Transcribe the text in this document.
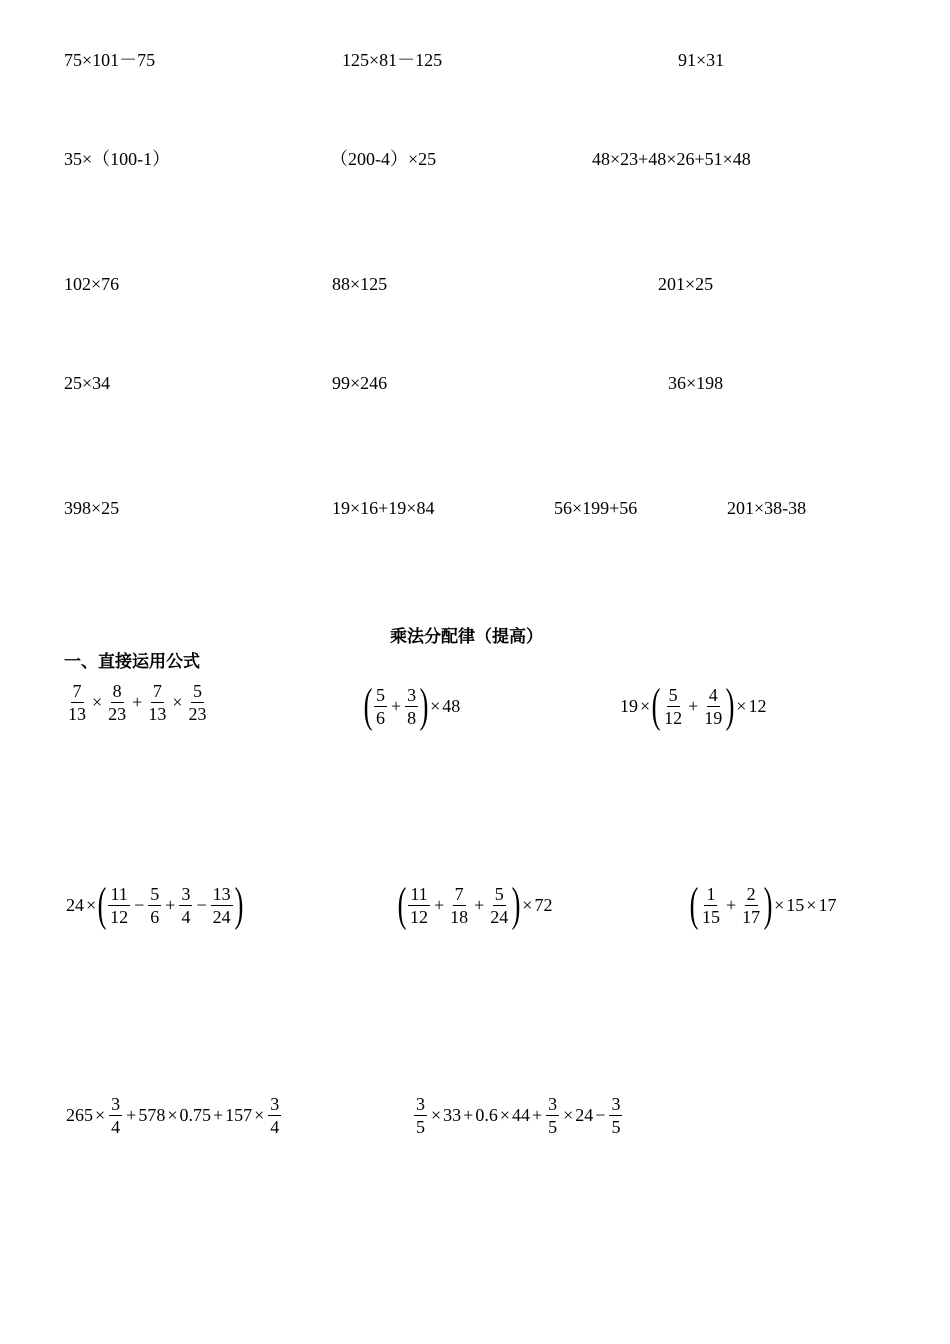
75×101－75	125×81－125	91×31
35×（100-1）	（200-4）×25	48×23+48×26+51×48
102×76	88×125	201×25
25×34	99×246	36×198
398×25	19×16+19×84	56×199+56	201×38-38
乘法分配律（提高）
一、直接运用公式
$\frac{7}{13} \times \frac{8}{23} + \frac{7}{13} \times \frac{5}{23}$	( $\frac{5}{6} + \frac{3}{8}$ ) × 48	19 × ( $\frac{5}{12} + \frac{4}{19}$ ) × 12
24 × ( $\frac{11}{12} - \frac{5}{6} + \frac{3}{4} - \frac{13}{24}$ )	( $\frac{11}{12} + \frac{7}{18} + \frac{5}{24}$ ) × 72	( $\frac{1}{15} + \frac{2}{17}$ ) × 15 × 17
$265 \times \frac{3}{4} + 578 \times 0.75 + 157 \times \frac{3}{4}$	$\frac{3}{5} \times 33 + 0.6 \times 44 + \frac{3}{5} \times 24 - \frac{3}{5}$
